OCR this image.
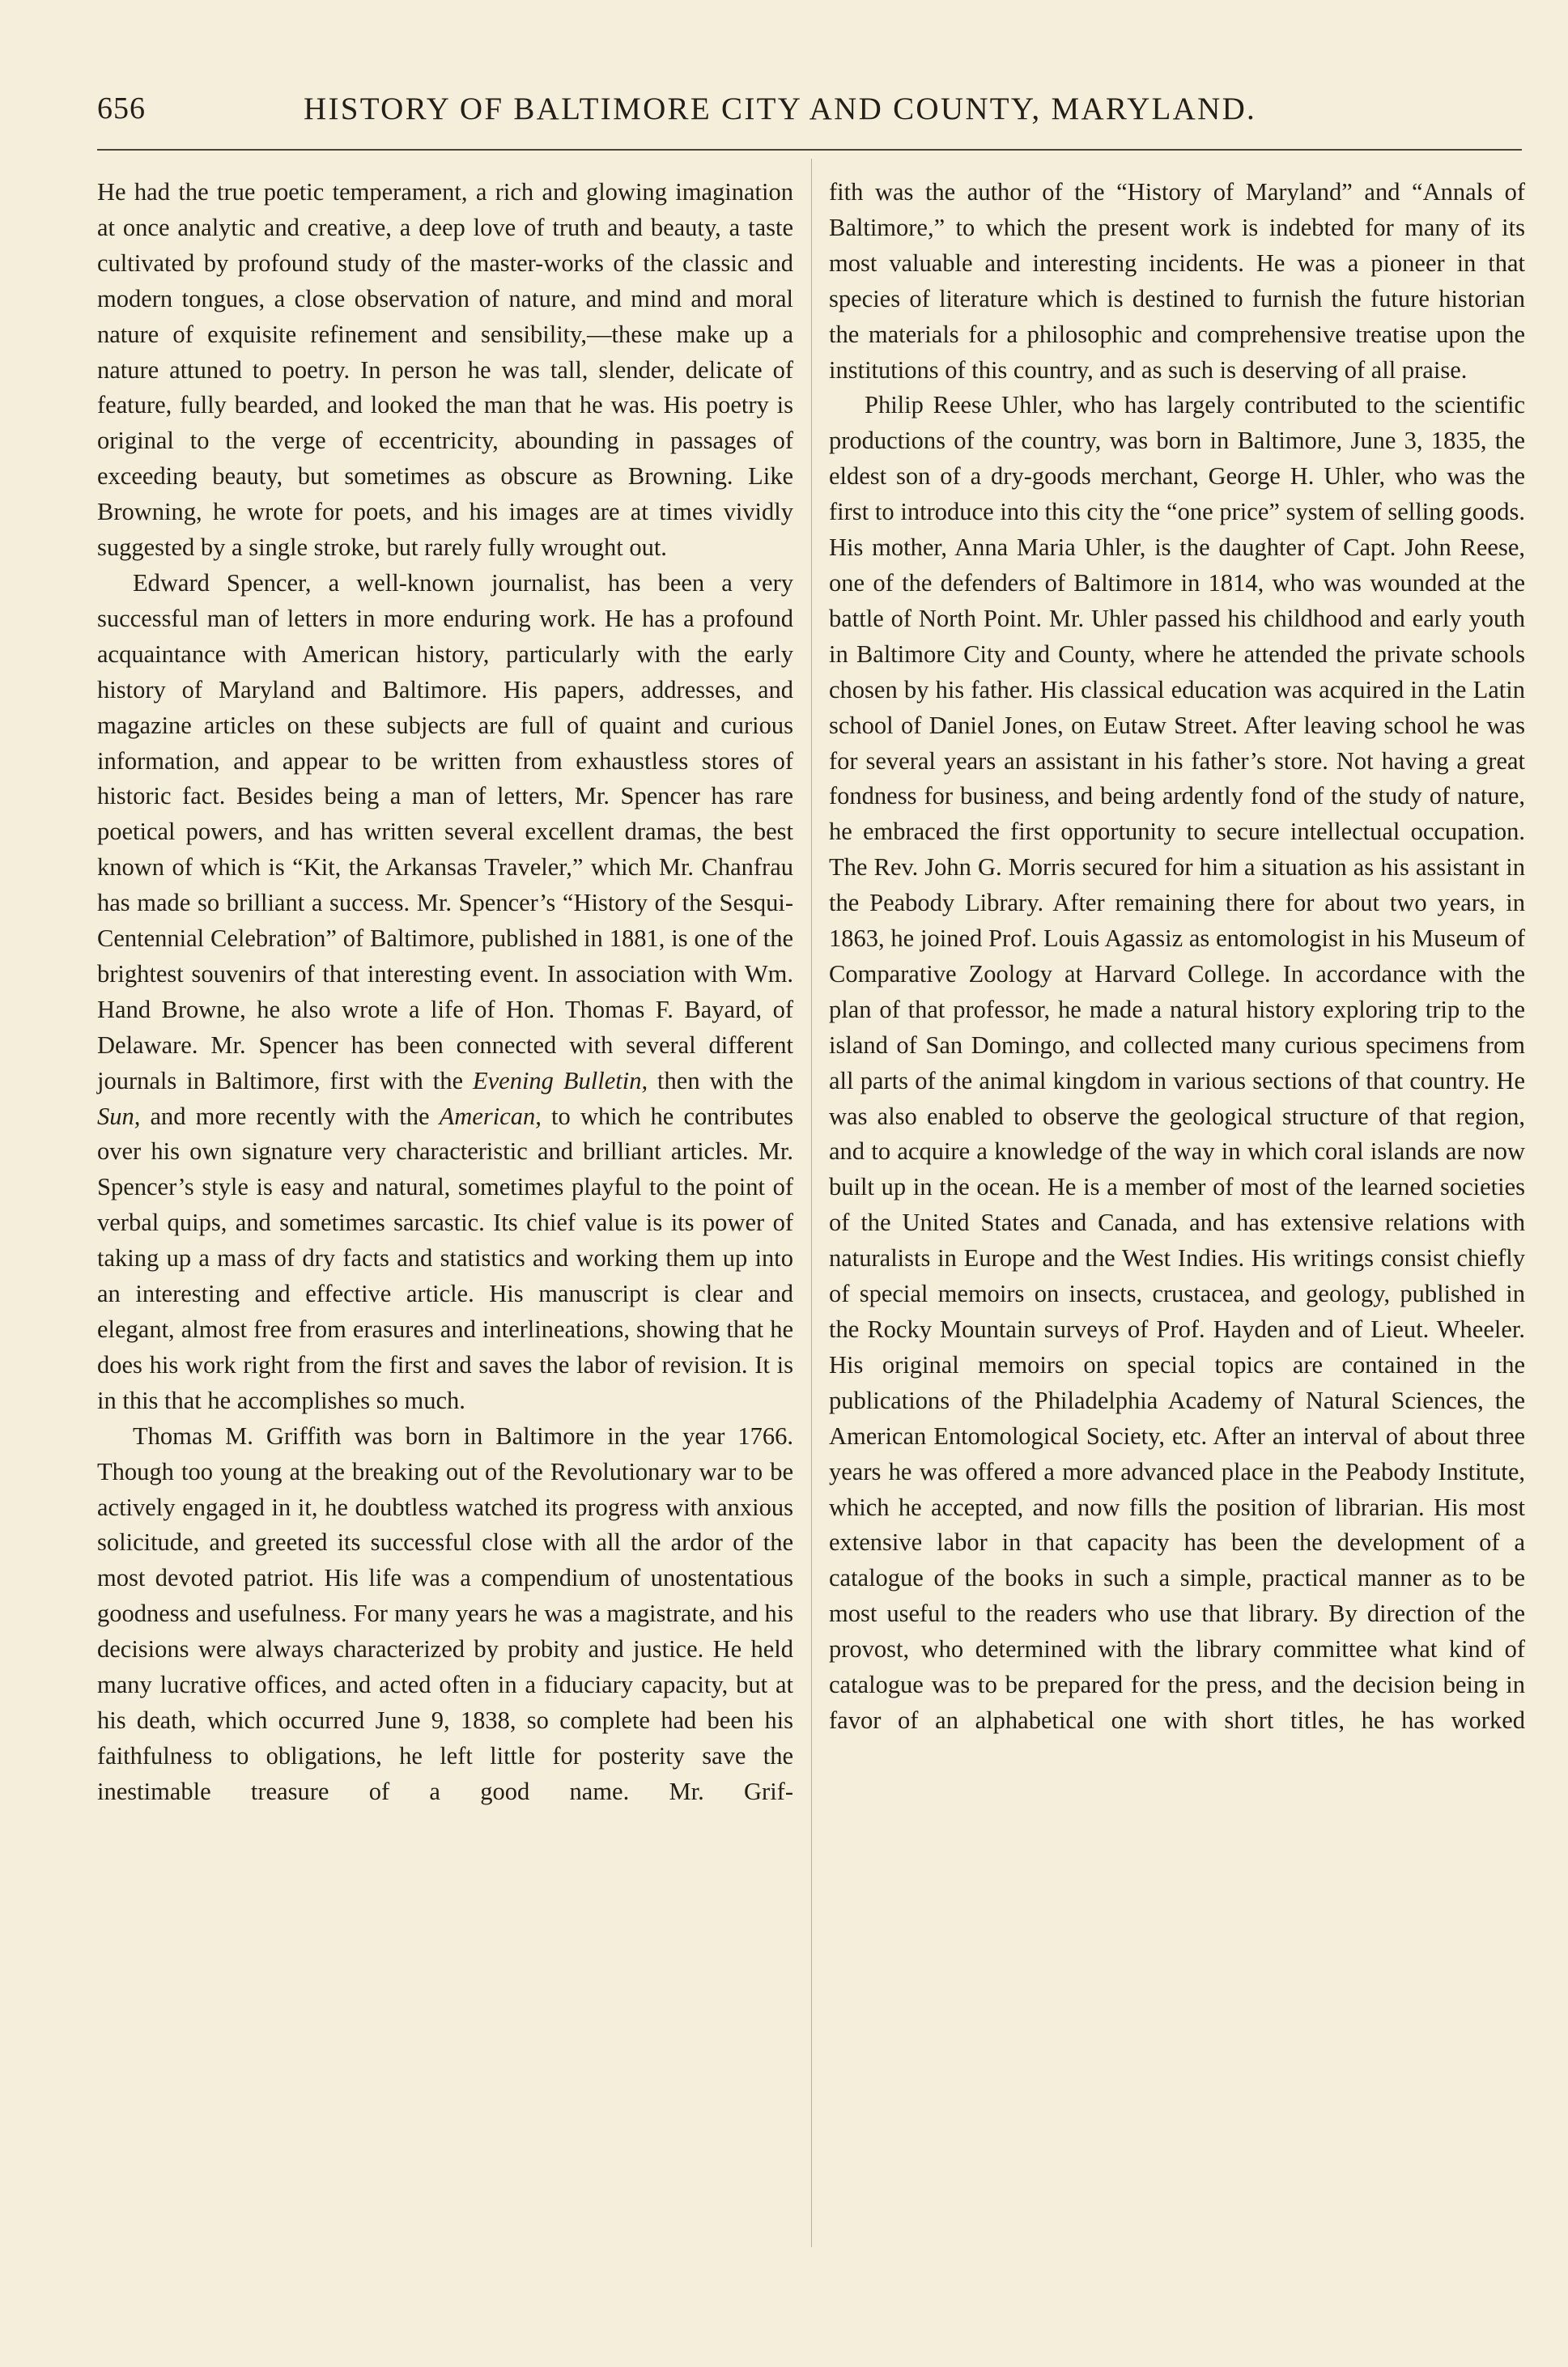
656	HISTORY OF BALTIMORE CITY AND COUNTY, MARYLAND.

He had the true poetic temperament, a rich and glowing imagination at once analytic and creative, a deep love of truth and beauty, a taste cultivated by profound study of the master-works of the classic and modern tongues, a close observation of nature, and mind and moral nature of exquisite refinement and sensibility,—these make up a nature attuned to poetry. In person he was tall, slender, delicate of feature, fully bearded, and looked the man that he was. His poetry is original to the verge of eccentricity, abounding in passages of exceeding beauty, but sometimes as obscure as Browning. Like Browning, he wrote for poets, and his images are at times vividly suggested by a single stroke, but rarely fully wrought out.

Edward Spencer, a well-known journalist, has been a very successful man of letters in more enduring work. He has a profound acquaintance with American history, particularly with the early history of Maryland and Baltimore. His papers, addresses, and magazine articles on these subjects are full of quaint and curious information, and appear to be written from exhaustless stores of historic fact. Besides being a man of letters, Mr. Spencer has rare poetical powers, and has written several excellent dramas, the best known of which is “Kit, the Arkansas Traveler,” which Mr. Chanfrau has made so brilliant a success. Mr. Spencer’s “History of the Sesqui-Centennial Celebration” of Baltimore, published in 1881, is one of the brightest souvenirs of that interesting event. In association with Wm. Hand Browne, he also wrote a life of Hon. Thomas F. Bayard, of Delaware. Mr. Spencer has been connected with several different journals in Baltimore, first with the Evening Bulletin, then with the Sun, and more recently with the American, to which he contributes over his own signature very characteristic and brilliant articles. Mr. Spencer’s style is easy and natural, sometimes playful to the point of verbal quips, and sometimes sarcastic. Its chief value is its power of taking up a mass of dry facts and statistics and working them up into an interesting and effective article. His manuscript is clear and elegant, almost free from erasures and interlineations, showing that he does his work right from the first and saves the labor of revision. It is in this that he accomplishes so much.

Thomas M. Griffith was born in Baltimore in the year 1766. Though too young at the breaking out of the Revolutionary war to be actively engaged in it, he doubtless watched its progress with anxious solicitude, and greeted its successful close with all the ardor of the most devoted patriot. His life was a compendium of unostentatious goodness and usefulness. For many years he was a magistrate, and his decisions were always characterized by probity and justice. He held many lucrative offices, and acted often in a fiduciary capacity, but at his death, which occurred June 9, 1838, so complete had been his faithfulness to obligations, he left little for posterity save the inestimable treasure of a good name. Mr. Grif-

fith was the author of the “History of Maryland” and “Annals of Baltimore,” to which the present work is indebted for many of its most valuable and interesting incidents. He was a pioneer in that species of literature which is destined to furnish the future historian the materials for a philosophic and comprehensive treatise upon the institutions of this country, and as such is deserving of all praise.

Philip Reese Uhler, who has largely contributed to the scientific productions of the country, was born in Baltimore, June 3, 1835, the eldest son of a dry-goods merchant, George H. Uhler, who was the first to introduce into this city the “one price” system of selling goods. His mother, Anna Maria Uhler, is the daughter of Capt. John Reese, one of the defenders of Baltimore in 1814, who was wounded at the battle of North Point. Mr. Uhler passed his childhood and early youth in Baltimore City and County, where he attended the private schools chosen by his father. His classical education was acquired in the Latin school of Daniel Jones, on Eutaw Street. After leaving school he was for several years an assistant in his father’s store. Not having a great fondness for business, and being ardently fond of the study of nature, he embraced the first opportunity to secure intellectual occupation. The Rev. John G. Morris secured for him a situation as his assistant in the Peabody Library. After remaining there for about two years, in 1863, he joined Prof. Louis Agassiz as entomologist in his Museum of Comparative Zoology at Harvard College. In accordance with the plan of that professor, he made a natural history exploring trip to the island of San Domingo, and collected many curious specimens from all parts of the animal kingdom in various sections of that country. He was also enabled to observe the geological structure of that region, and to acquire a knowledge of the way in which coral islands are now built up in the ocean. He is a member of most of the learned societies of the United States and Canada, and has extensive relations with naturalists in Europe and the West Indies. His writings consist chiefly of special memoirs on insects, crustacea, and geology, published in the Rocky Mountain surveys of Prof. Hayden and of Lieut. Wheeler. His original memoirs on special topics are contained in the publications of the Philadelphia Academy of Natural Sciences, the American Entomological Society, etc. After an interval of about three years he was offered a more advanced place in the Peabody Institute, which he accepted, and now fills the position of librarian. His most extensive labor in that capacity has been the development of a catalogue of the books in such a simple, practical manner as to be most useful to the readers who use that library. By direction of the provost, who determined with the library committee what kind of catalogue was to be prepared for the press, and the decision being in favor of an alphabetical one with short titles, he has worked
